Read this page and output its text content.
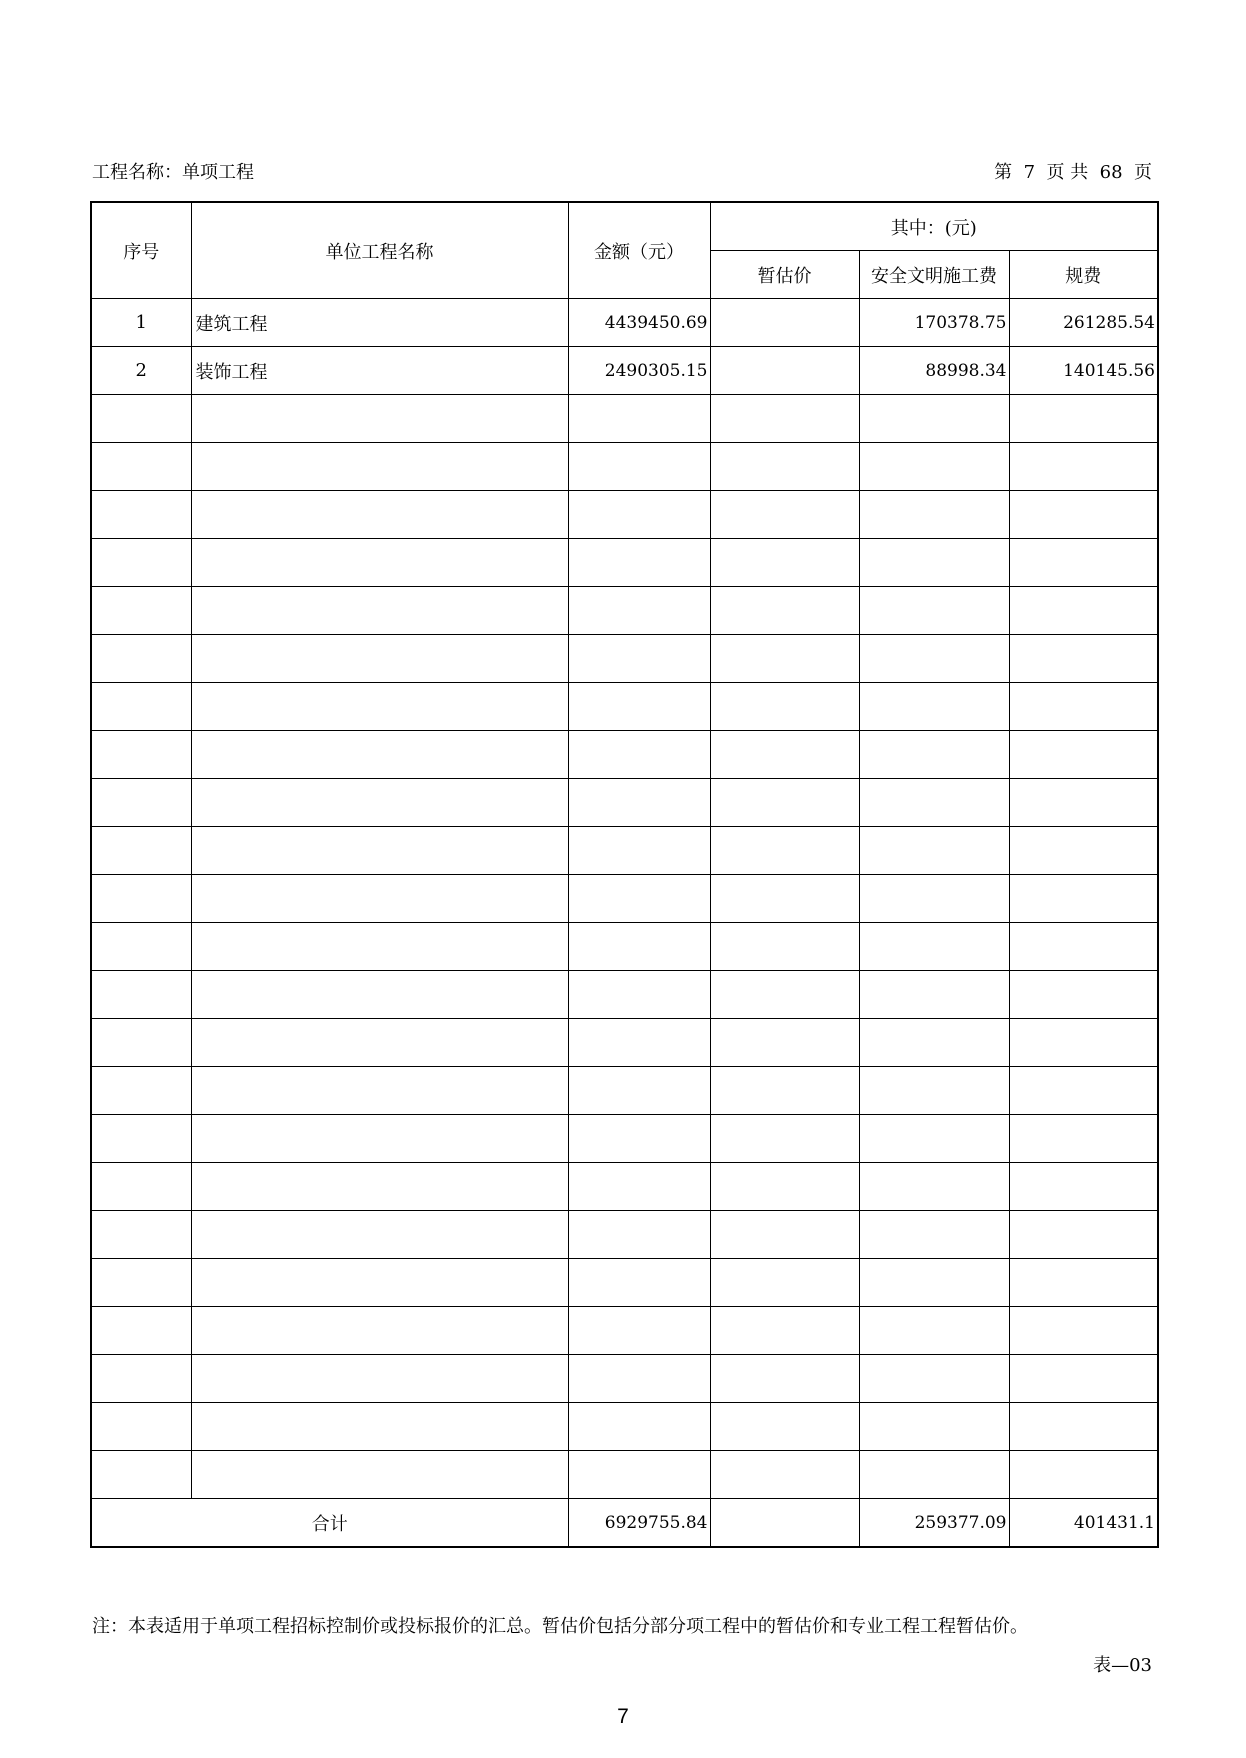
工程名称：单项工程	第  7  页 共  68  页
序号	单位工程名称	金额（元）	其中：(元)		
			暂估价	安全文明施工费	规费
1	建筑工程	4439450.69		170378.75	261285.54
2	装饰工程	2490305.15		88998.34	140145.56

合计		6929755.84		259377.09	401431.1
注：本表适用于单项工程招标控制价或投标报价的汇总。暂估价包括分部分项工程中的暂估价和专业工程工程暂估价。
表—03
7
